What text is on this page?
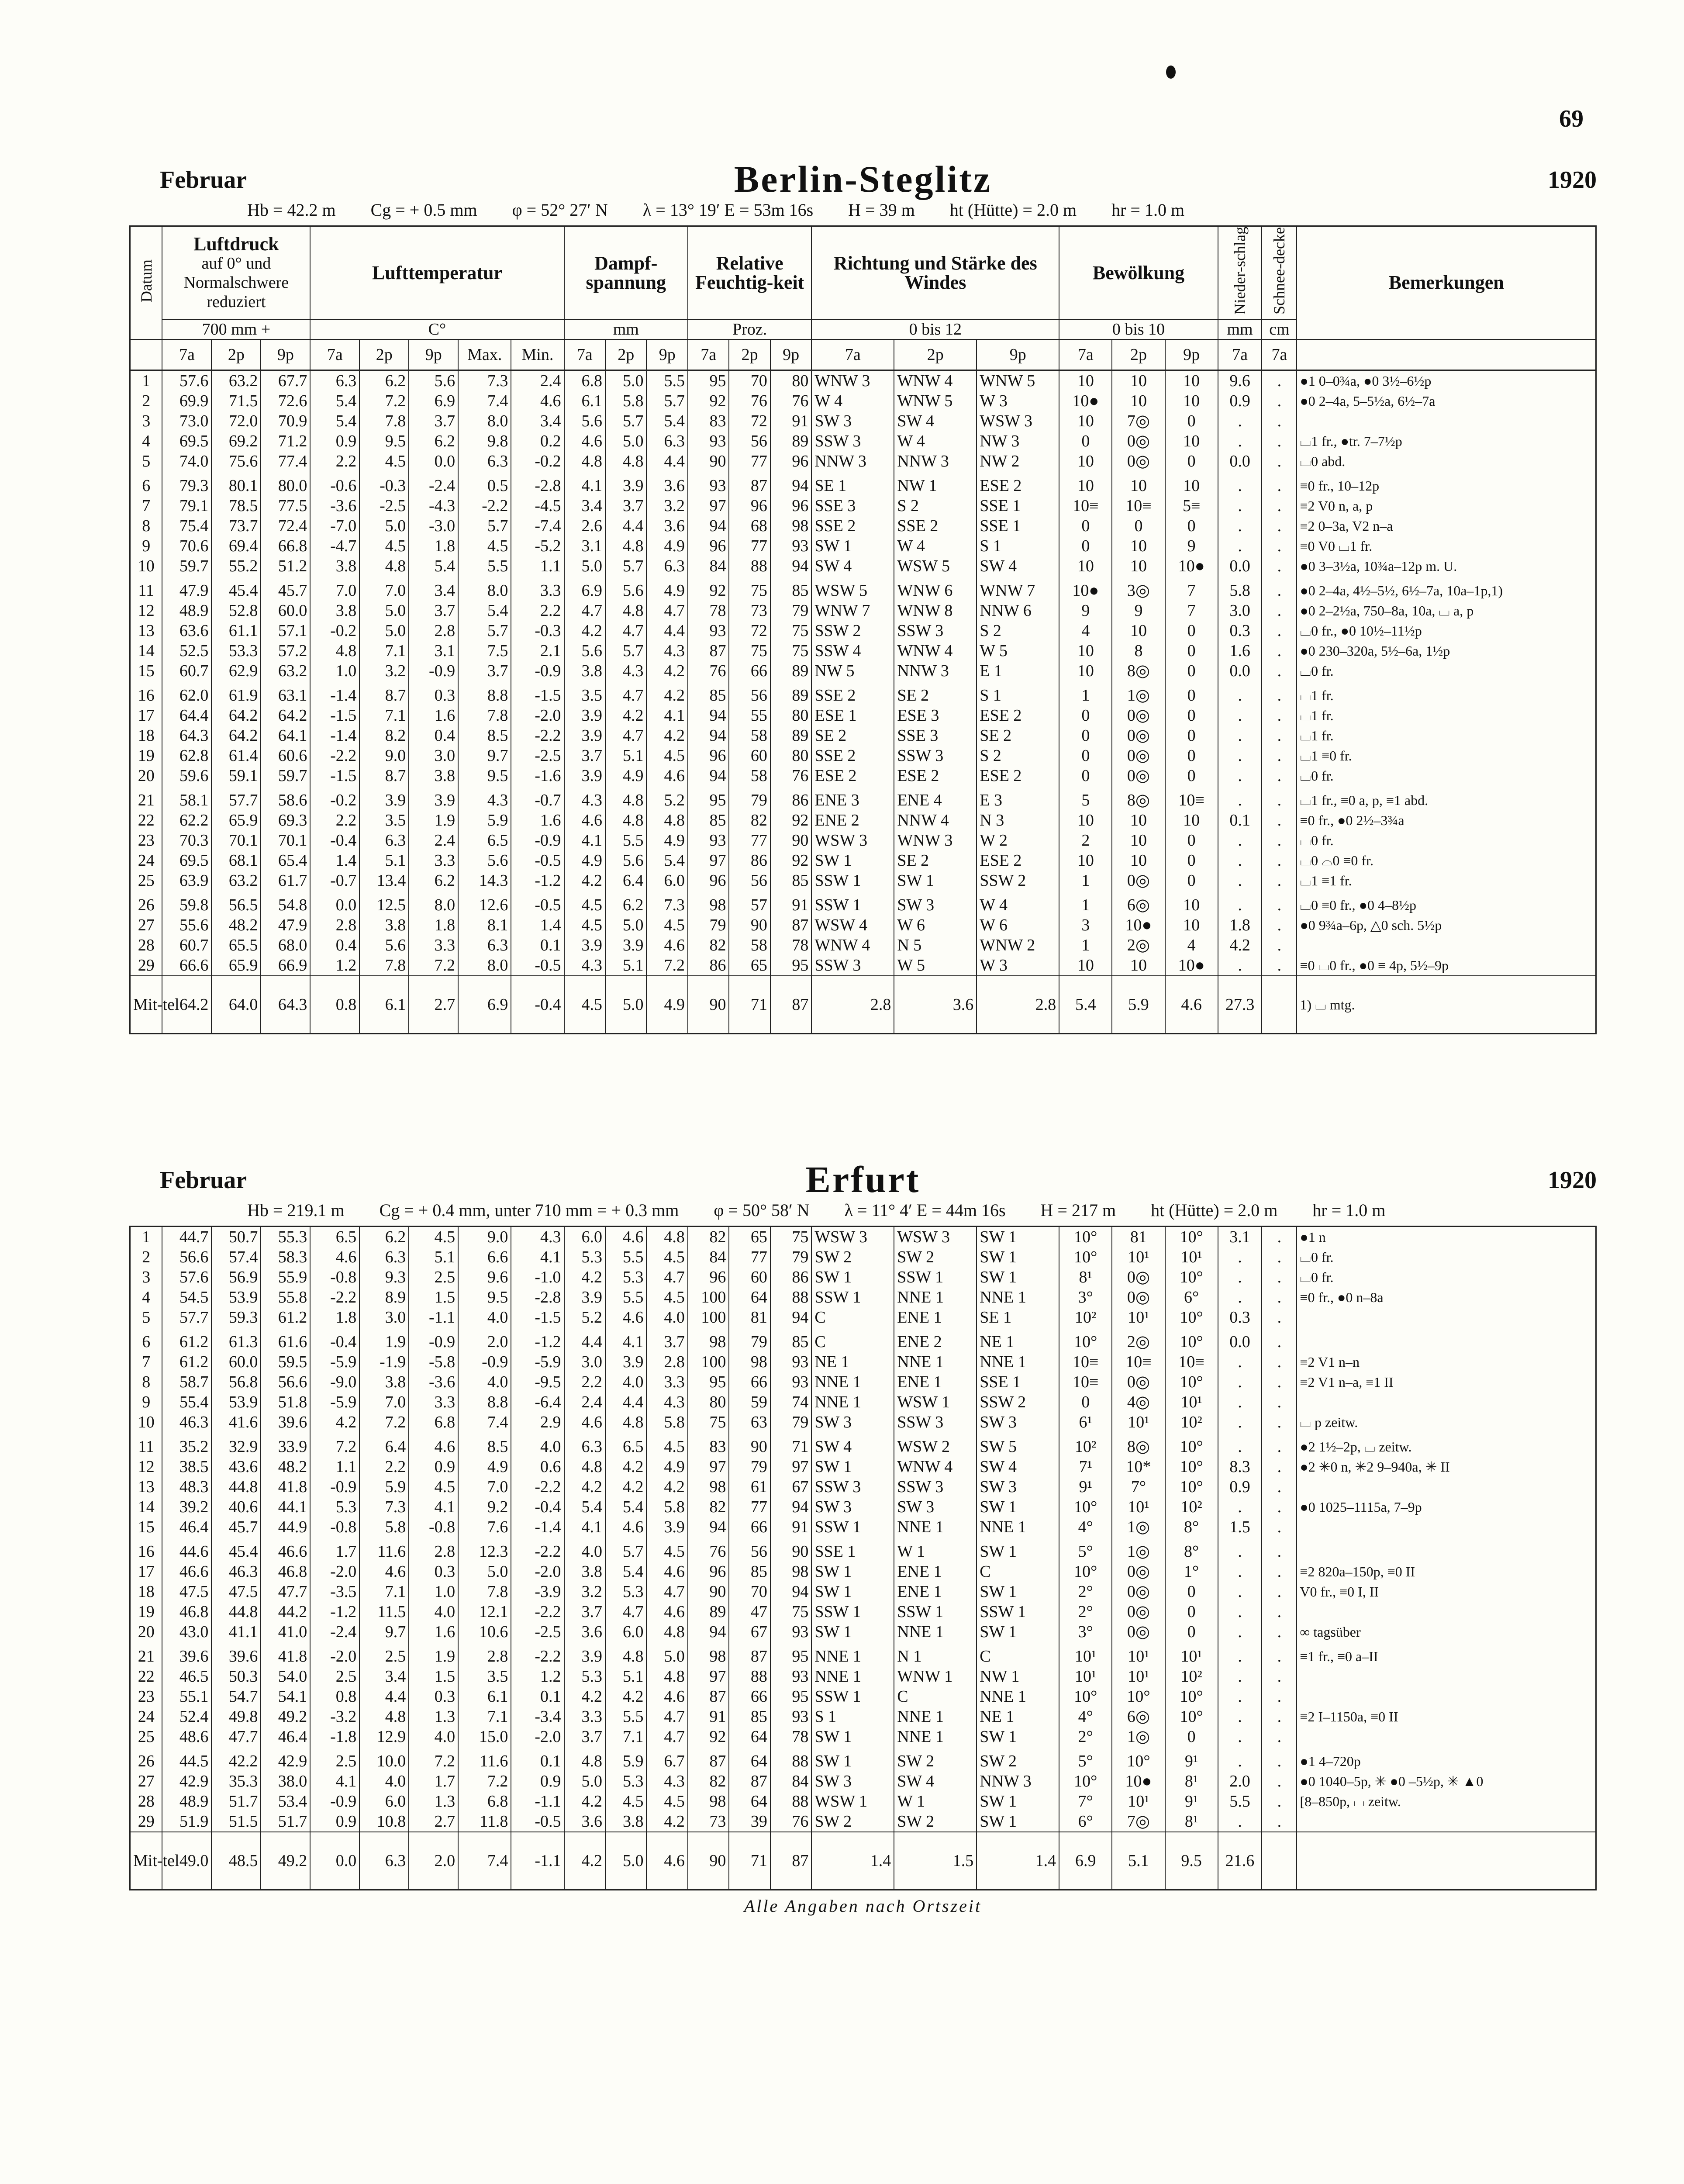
69
Februar	Berlin-Steglitz	1920
Hb = 42.2 m Cg = + 0.5 mm φ = 52° 27′ N λ = 13° 19′ E = 53m 16s H = 39 m ht (Hütte) = 2.0 m hr = 1.0 m
Datum	Luftdruck
auf 0° und Normalschwere reduziert			Lufttemperatur					Dampf-spannung			Relative Feuchtig-keit			Richtung und Stärke des Windes			Bewölkung			Nieder-schlag	Schnee-decke	Bemerkungen
	700 mm +			C°					mm			Proz.			0 bis 12			0 bis 10			mm	cm	
	7a	2p	9p	7a	2p	9p	Max.	Min.	7a	2p	9p	7a	2p	9p	7a	2p	9p	7a	2p	9p	7a	7a	
1	57.6	63.2	67.7	6.3	6.2	5.6	7.3	2.4	6.8	5.0	5.5	95	70	80	WNW 3	WNW 4	WNW 5	10	10	10	9.6	.	●1 0–0¾a, ●0 3½–6½p
2	69.9	71.5	72.6	5.4	7.2	6.9	7.4	4.6	6.1	5.8	5.7	92	76	76	W 4	WNW 5	W 3	10●	10	10	0.9	.	●0 2–4a, 5–5½a, 6½–7a
3	73.0	72.0	70.9	5.4	7.8	3.7	8.0	3.4	5.6	5.7	5.4	83	72	91	SW 3	SW 4	WSW 3	10	7◎	0	.	.	
4	69.5	69.2	71.2	0.9	9.5	6.2	9.8	0.2	4.6	5.0	6.3	93	56	89	SSW 3	W 4	NW 3	0	0◎	10	.	.	⌴1 fr., ●tr. 7–7½p
5	74.0	75.6	77.4	2.2	4.5	0.0	6.3	-0.2	4.8	4.8	4.4	90	77	96	NNW 3	NNW 3	NW 2	10	0◎	0	0.0	.	⌴0 abd.
6	79.3	80.1	80.0	-0.6	-0.3	-2.4	0.5	-2.8	4.1	3.9	3.6	93	87	94	SE 1	NW 1	ESE 2	10	10	10	.	.	≡0 fr., 10–12p
7	79.1	78.5	77.5	-3.6	-2.5	-4.3	-2.2	-4.5	3.4	3.7	3.2	97	96	96	SSE 3	S 2	SSE 1	10≡	10≡	5≡	.	.	≡2 V0 n, a, p
8	75.4	73.7	72.4	-7.0	5.0	-3.0	5.7	-7.4	2.6	4.4	3.6	94	68	98	SSE 2	SSE 2	SSE 1	0	0	0	.	.	≡2 0–3a, V2 n–a
9	70.6	69.4	66.8	-4.7	4.5	1.8	4.5	-5.2	3.1	4.8	4.9	96	77	93	SW 1	W 4	S 1	0	10	9	.	.	≡0 V0 ⌴1 fr.
10	59.7	55.2	51.2	3.8	4.8	5.4	5.5	1.1	5.0	5.7	6.3	84	88	94	SW 4	WSW 5	SW 4	10	10	10●	0.0	.	●0 3–3½a, 10¾a–12p m. U.
11	47.9	45.4	45.7	7.0	7.0	3.4	8.0	3.3	6.9	5.6	4.9	92	75	85	WSW 5	WNW 6	WNW 7	10●	3◎	7	5.8	.	●0 2–4a, 4½–5½, 6½–7a, 10a–1p,1)
12	48.9	52.8	60.0	3.8	5.0	3.7	5.4	2.2	4.7	4.8	4.7	78	73	79	WNW 7	WNW 8	NNW 6	9	9	7	3.0	.	●0 2–2½a, 750–8a, 10a, ⌴ a, p
13	63.6	61.1	57.1	-0.2	5.0	2.8	5.7	-0.3	4.2	4.7	4.4	93	72	75	SSW 2	SSW 3	S 2	4	10	0	0.3	.	⌴0 fr., ●0 10½–11½p
14	52.5	53.3	57.2	4.8	7.1	3.1	7.5	2.1	5.6	5.7	4.3	87	75	75	SSW 4	WNW 4	W 5	10	8	0	1.6	.	●0 230–320a, 5½–6a, 1½p
15	60.7	62.9	63.2	1.0	3.2	-0.9	3.7	-0.9	3.8	4.3	4.2	76	66	89	NW 5	NNW 3	E 1	10	8◎	0	0.0	.	⌴0 fr.
16	62.0	61.9	63.1	-1.4	8.7	0.3	8.8	-1.5	3.5	4.7	4.2	85	56	89	SSE 2	SE 2	S 1	1	1◎	0	.	.	⌴1 fr.
17	64.4	64.2	64.2	-1.5	7.1	1.6	7.8	-2.0	3.9	4.2	4.1	94	55	80	ESE 1	ESE 3	ESE 2	0	0◎	0	.	.	⌴1 fr.
18	64.3	64.2	64.1	-1.4	8.2	0.4	8.5	-2.2	3.9	4.7	4.2	94	58	89	SE 2	SSE 3	SE 2	0	0◎	0	.	.	⌴1 fr.
19	62.8	61.4	60.6	-2.2	9.0	3.0	9.7	-2.5	3.7	5.1	4.5	96	60	80	SSE 2	SSW 3	S 2	0	0◎	0	.	.	⌴1 ≡0 fr.
20	59.6	59.1	59.7	-1.5	8.7	3.8	9.5	-1.6	3.9	4.9	4.6	94	58	76	ESE 2	ESE 2	ESE 2	0	0◎	0	.	.	⌴0 fr.
21	58.1	57.7	58.6	-0.2	3.9	3.9	4.3	-0.7	4.3	4.8	5.2	95	79	86	ENE 3	ENE 4	E 3	5	8◎	10≡	.	.	⌴1 fr., ≡0 a, p, ≡1 abd.
22	62.2	65.9	69.3	2.2	3.5	1.9	5.9	1.6	4.6	4.8	4.8	85	82	92	ENE 2	NNW 4	N 3	10	10	10	0.1	.	≡0 fr., ●0 2½–3¾a
23	70.3	70.1	70.1	-0.4	6.3	2.4	6.5	-0.9	4.1	5.5	4.9	93	77	90	WSW 3	WNW 3	W 2	2	10	0	.	.	⌴0 fr.
24	69.5	68.1	65.4	1.4	5.1	3.3	5.6	-0.5	4.9	5.6	5.4	97	86	92	SW 1	SE 2	ESE 2	10	10	0	.	.	⌴0 ⌓0 ≡0 fr.
25	63.9	63.2	61.7	-0.7	13.4	6.2	14.3	-1.2	4.2	6.4	6.0	96	56	85	SSW 1	SW 1	SSW 2	1	0◎	0	.	.	⌴1 ≡1 fr.
26	59.8	56.5	54.8	0.0	12.5	8.0	12.6	-0.5	4.5	6.2	7.3	98	57	91	SSW 1	SW 3	W 4	1	6◎	10	.	.	⌴0 ≡0 fr., ●0 4–8½p
27	55.6	48.2	47.9	2.8	3.8	1.8	8.1	1.4	4.5	5.0	4.5	79	90	87	WSW 4	W 6	W 6	3	10●	10	1.8	.	●0 9¾a–6p, △0 sch. 5½p
28	60.7	65.5	68.0	0.4	5.6	3.3	6.3	0.1	3.9	3.9	4.6	82	58	78	WNW 4	N 5	WNW 2	1	2◎	4	4.2	.	
29	66.6	65.9	66.9	1.2	7.8	7.2	8.0	-0.5	4.3	5.1	7.2	86	65	95	SSW 3	W 5	W 3	10	10	10●	.	.	≡0 ⌴0 fr., ●0 ≡ 4p, 5½–9p
Mit-tel	64.2	64.0	64.3	0.8	6.1	2.7	6.9	-0.4	4.5	5.0	4.9	90	71	87	2.8	3.6	2.8	5.4	5.9	4.6	27.3		1) ⌴ mtg.
Februar	Erfurt	1920
Hb = 219.1 m Cg = + 0.4 mm, unter 710 mm = + 0.3 mm φ = 50° 58′ N λ = 11° 4′ E = 44m 16s H = 217 m ht (Hütte) = 2.0 m hr = 1.0 m
1	44.7	50.7	55.3	6.5	6.2	4.5	9.0	4.3	6.0	4.6	4.8	82	65	75	WSW 3	WSW 3	SW 1	10°	81	10°	3.1	.	●1 n
2	56.6	57.4	58.3	4.6	6.3	5.1	6.6	4.1	5.3	5.5	4.5	84	77	79	SW 2	SW 2	SW 1	10°	10¹	10¹	.	.	⌴0 fr.
3	57.6	56.9	55.9	-0.8	9.3	2.5	9.6	-1.0	4.2	5.3	4.7	96	60	86	SW 1	SSW 1	SW 1	8¹	0◎	10°	.	.	⌴0 fr.
4	54.5	53.9	55.8	-2.2	8.9	1.5	9.5	-2.8	3.9	5.5	4.5	100	64	88	SSW 1	NNE 1	NNE 1	3°	0◎	6°	.	.	≡0 fr., ●0 n–8a
5	57.7	59.3	61.2	1.8	3.0	-1.1	4.0	-1.5	5.2	4.6	4.0	100	81	94	C	ENE 1	SE 1	10²	10¹	10°	0.3	.	
6	61.2	61.3	61.6	-0.4	1.9	-0.9	2.0	-1.2	4.4	4.1	3.7	98	79	85	C	ENE 2	NE 1	10°	2◎	10°	0.0	.	
7	61.2	60.0	59.5	-5.9	-1.9	-5.8	-0.9	-5.9	3.0	3.9	2.8	100	98	93	NE 1	NNE 1	NNE 1	10≡	10≡	10≡	.	.	≡2 V1 n–n
8	58.7	56.8	56.6	-9.0	3.8	-3.6	4.0	-9.5	2.2	4.0	3.3	95	66	93	NNE 1	ENE 1	SSE 1	10≡	0◎	10°	.	.	≡2 V1 n–a, ≡1 II
9	55.4	53.9	51.8	-5.9	7.0	3.3	8.8	-6.4	2.4	4.4	4.3	80	59	74	NNE 1	WSW 1	SSW 2	0	4◎	10¹	.	.	
10	46.3	41.6	39.6	4.2	7.2	6.8	7.4	2.9	4.6	4.8	5.8	75	63	79	SW 3	SSW 3	SW 3	6¹	10¹	10²	.	.	⌴ p zeitw.
11	35.2	32.9	33.9	7.2	6.4	4.6	8.5	4.0	6.3	6.5	4.5	83	90	71	SW 4	WSW 2	SW 5	10²	8◎	10°	.	.	●2 1½–2p, ⌴ zeitw.
12	38.5	43.6	48.2	1.1	2.2	0.9	4.9	0.6	4.8	4.2	4.9	97	79	97	SW 1	WNW 4	SW 4	7¹	10*	10°	8.3	.	●2 ✳0 n, ✳2 9–940a, ✳ II
13	48.3	44.8	41.8	-0.9	5.9	4.5	7.0	-2.2	4.2	4.2	4.2	98	61	67	SSW 3	SSW 3	SW 3	9¹	7°	10°	0.9	.	
14	39.2	40.6	44.1	5.3	7.3	4.1	9.2	-0.4	5.4	5.4	5.8	82	77	94	SW 3	SW 3	SW 1	10°	10¹	10²	.	.	●0 1025–1115a, 7–9p
15	46.4	45.7	44.9	-0.8	5.8	-0.8	7.6	-1.4	4.1	4.6	3.9	94	66	91	SSW 1	NNE 1	NNE 1	4°	1◎	8°	1.5	.	
16	44.6	45.4	46.6	1.7	11.6	2.8	12.3	-2.2	4.0	5.7	4.5	76	56	90	SSE 1	W 1	SW 1	5°	1◎	8°	.	.	
17	46.6	46.3	46.8	-2.0	4.6	0.3	5.0	-2.0	3.8	5.4	4.6	96	85	98	SW 1	ENE 1	C	10°	0◎	1°	.	.	≡2 820a–150p, ≡0 II
18	47.5	47.5	47.7	-3.5	7.1	1.0	7.8	-3.9	3.2	5.3	4.7	90	70	94	SW 1	ENE 1	SW 1	2°	0◎	0	.	.	V0 fr., ≡0 I, II
19	46.8	44.8	44.2	-1.2	11.5	4.0	12.1	-2.2	3.7	4.7	4.6	89	47	75	SSW 1	SSW 1	SSW 1	2°	0◎	0	.	.	
20	43.0	41.1	41.0	-2.4	9.7	1.6	10.6	-2.5	3.6	6.0	4.8	94	67	93	SW 1	NNE 1	SW 1	3°	0◎	0	.	.	∞ tagsüber
21	39.6	39.6	41.8	-2.0	2.5	1.9	2.8	-2.2	3.9	4.8	5.0	98	87	95	NNE 1	N 1	C	10¹	10¹	10¹	.	.	≡1 fr., ≡0 a–II
22	46.5	50.3	54.0	2.5	3.4	1.5	3.5	1.2	5.3	5.1	4.8	97	88	93	NNE 1	WNW 1	NW 1	10¹	10¹	10²	.	.	
23	55.1	54.7	54.1	0.8	4.4	0.3	6.1	0.1	4.2	4.2	4.6	87	66	95	SSW 1	C	NNE 1	10°	10°	10°	.	.	
24	52.4	49.8	49.2	-3.2	4.8	1.3	7.1	-3.4	3.3	5.5	4.7	91	85	93	S 1	NNE 1	NE 1	4°	6◎	10°	.	.	≡2 I–1150a, ≡0 II
25	48.6	47.7	46.4	-1.8	12.9	4.0	15.0	-2.0	3.7	7.1	4.7	92	64	78	SW 1	NNE 1	SW 1	2°	1◎	0	.	.	
26	44.5	42.2	42.9	2.5	10.0	7.2	11.6	0.1	4.8	5.9	6.7	87	64	88	SW 1	SW 2	SW 2	5°	10°	9¹	.	.	●1 4–720p
27	42.9	35.3	38.0	4.1	4.0	1.7	7.2	0.9	5.0	5.3	4.3	82	87	84	SW 3	SW 4	NNW 3	10°	10●	8¹	2.0	.	●0 1040–5p, ✳ ●0 –5½p, ✳ ▲0
28	48.9	51.7	53.4	-0.9	6.0	1.3	6.8	-1.1	4.2	4.5	4.5	98	64	88	WSW 1	W 1	SW 1	7°	10¹	9¹	5.5	.	[8–850p, ⌴ zeitw.
29	51.9	51.5	51.7	0.9	10.8	2.7	11.8	-0.5	3.6	3.8	4.2	73	39	76	SW 2	SW 2	SW 1	6°	7◎	8¹	.	.	
Mit-tel	49.0	48.5	49.2	0.0	6.3	2.0	7.4	-1.1	4.2	5.0	4.6	90	71	87	1.4	1.5	1.4	6.9	5.1	9.5	21.6		
Alle Angaben nach Ortszeit
